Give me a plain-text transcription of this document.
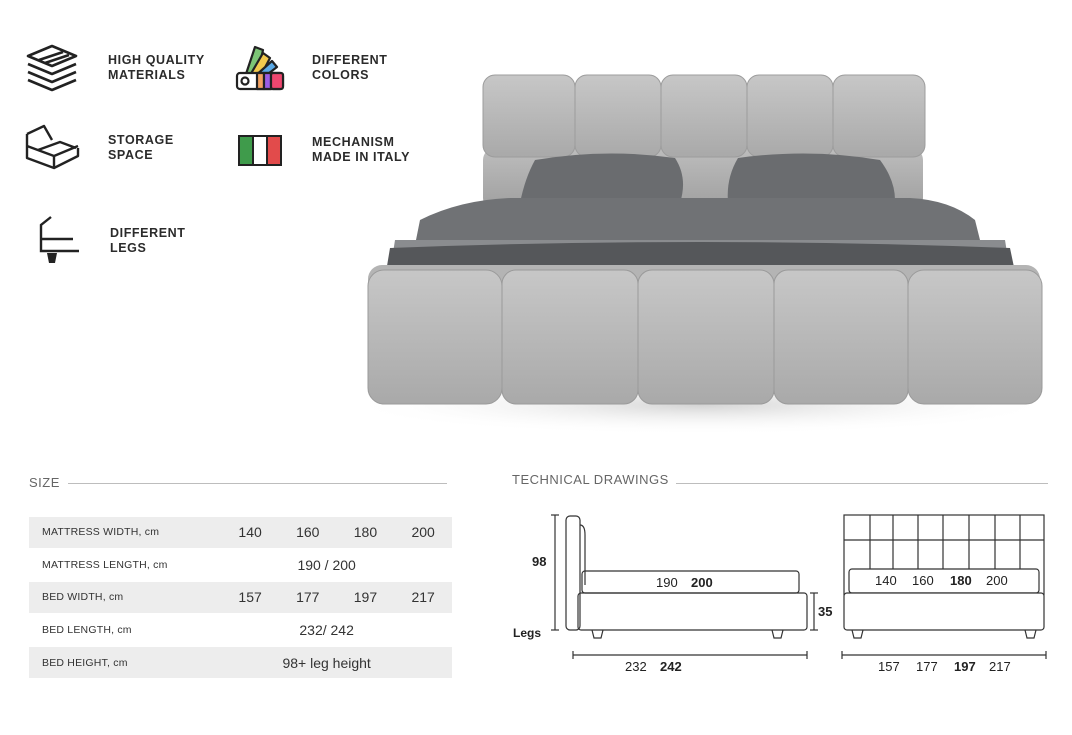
HIGH QUALITY
MATERIALS
DIFFERENT
COLORS
STORAGE
SPACE
MECHANISM
MADE IN ITALY
DIFFERENT
LEGS
SIZE
MATTRESS WIDTH, cm	140	160	180	200
MATTRESS LENGTH, cm	190 / 200			
BED WIDTH, cm	157	177	197	217
BED LENGTH, cm	232/ 242			
BED HEIGHT, cm	98+ leg height			
TECHNICAL DRAWINGS
98
Legs
190 200
35
232 242
140 160 180 200
157 177 197 217
